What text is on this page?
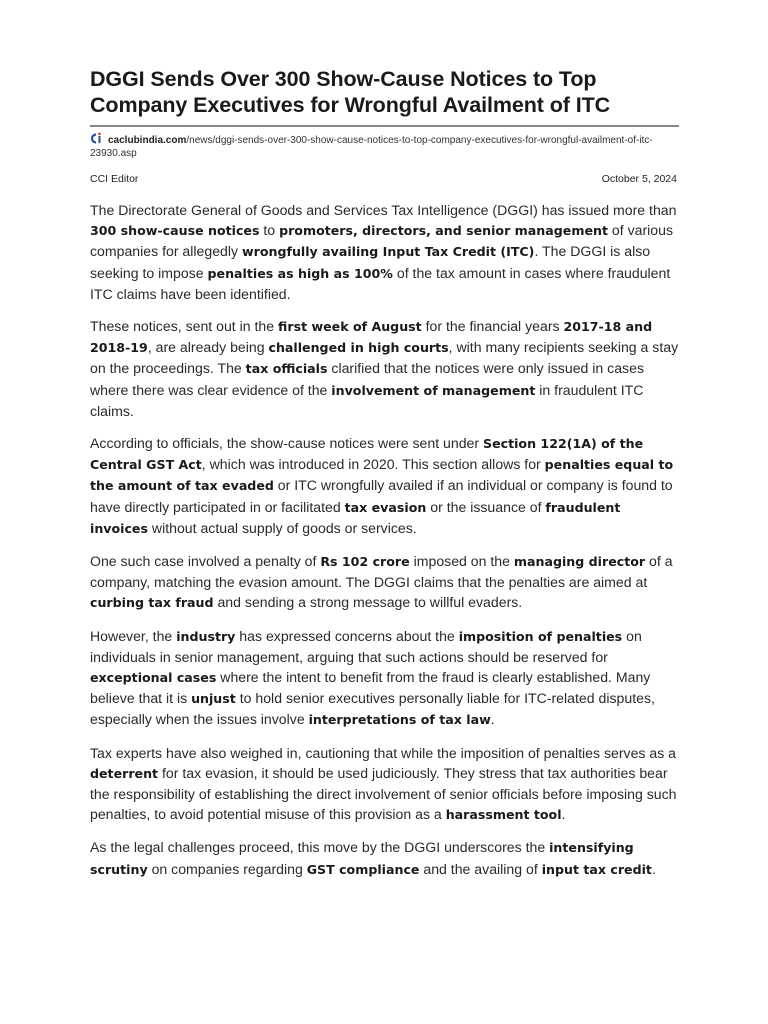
DGGI Sends Over 300 Show-Cause Notices to Top Company Executives for Wrongful Availment of ITC
caclubindia.com/news/dggi-sends-over-300-show-cause-notices-to-top-company-executives-for-wrongful-availment-of-itc-23930.asp
CCI Editor	October 5, 2024

The Directorate General of Goods and Services Tax Intelligence (DGGI) has issued more than 300 show-cause notices to promoters, directors, and senior management of various companies for allegedly wrongfully availing Input Tax Credit (ITC). The DGGI is also seeking to impose penalties as high as 100% of the tax amount in cases where fraudulent ITC claims have been identified.

These notices, sent out in the first week of August for the financial years 2017-18 and 2018-19, are already being challenged in high courts, with many recipients seeking a stay on the proceedings. The tax officials clarified that the notices were only issued in cases where there was clear evidence of the involvement of management in fraudulent ITC claims.

According to officials, the show-cause notices were sent under Section 122(1A) of the Central GST Act, which was introduced in 2020. This section allows for penalties equal to the amount of tax evaded or ITC wrongfully availed if an individual or company is found to have directly participated in or facilitated tax evasion or the issuance of fraudulent invoices without actual supply of goods or services.

One such case involved a penalty of Rs 102 crore imposed on the managing director of a company, matching the evasion amount. The DGGI claims that the penalties are aimed at curbing tax fraud and sending a strong message to willful evaders.

However, the industry has expressed concerns about the imposition of penalties on individuals in senior management, arguing that such actions should be reserved for exceptional cases where the intent to benefit from the fraud is clearly established. Many believe that it is unjust to hold senior executives personally liable for ITC-related disputes, especially when the issues involve interpretations of tax law.

Tax experts have also weighed in, cautioning that while the imposition of penalties serves as a deterrent for tax evasion, it should be used judiciously. They stress that tax authorities bear the responsibility of establishing the direct involvement of senior officials before imposing such penalties, to avoid potential misuse of this provision as a harassment tool.

As the legal challenges proceed, this move by the DGGI underscores the intensifying scrutiny on companies regarding GST compliance and the availing of input tax credit.
